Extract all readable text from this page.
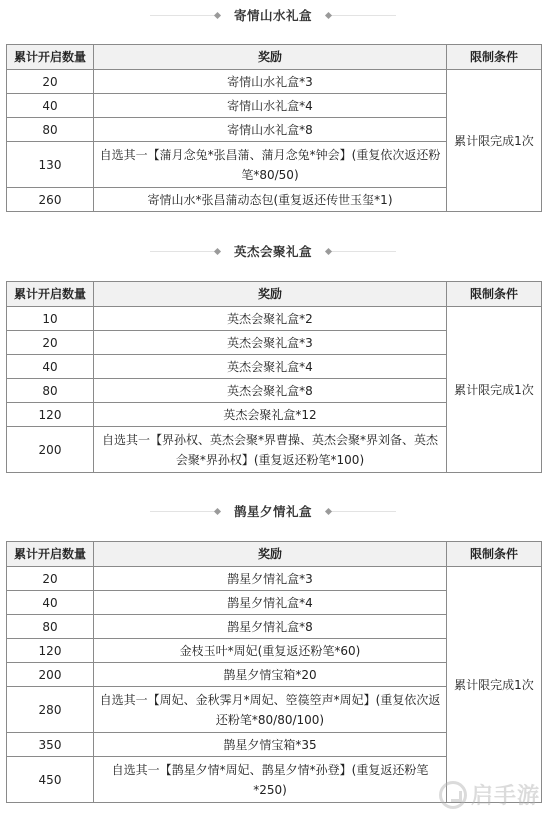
寄情山水礼盒
累计开启数量	奖励	限制条件
20	寄情山水礼盒*3	累计限完成1次
40	寄情山水礼盒*4	
80	寄情山水礼盒*8	
130	自选其一【蒲月念兔*张昌蒲、蒲月念兔*钟会】(重复依次返还粉笔*80/50)	
260	寄情山水*张昌蒲动态包(重复返还传世玉玺*1)	
英杰会聚礼盒
累计开启数量	奖励	限制条件
10	英杰会聚礼盒*2	累计限完成1次
20	英杰会聚礼盒*3	
40	英杰会聚礼盒*4	
80	英杰会聚礼盒*8	
120	英杰会聚礼盒*12	
200	自选其一【界孙权、英杰会聚*界曹操、英杰会聚*界刘备、英杰会聚*界孙权】(重复返还粉笔*100)	
鹊星夕情礼盒
累计开启数量	奖励	限制条件
20	鹊星夕情礼盒*3	累计限完成1次
40	鹊星夕情礼盒*4	
80	鹊星夕情礼盒*8	
120	金枝玉叶*周妃(重复返还粉笔*60)	
200	鹊星夕情宝箱*20	
280	自选其一【周妃、金秋霁月*周妃、箜篌箜声*周妃】(重复依次返还粉笔*80/80/100)	
350	鹊星夕情宝箱*35	
450	自选其一【鹊星夕情*周妃、鹊星夕情*孙登】(重复返还粉笔*250)		启手游
